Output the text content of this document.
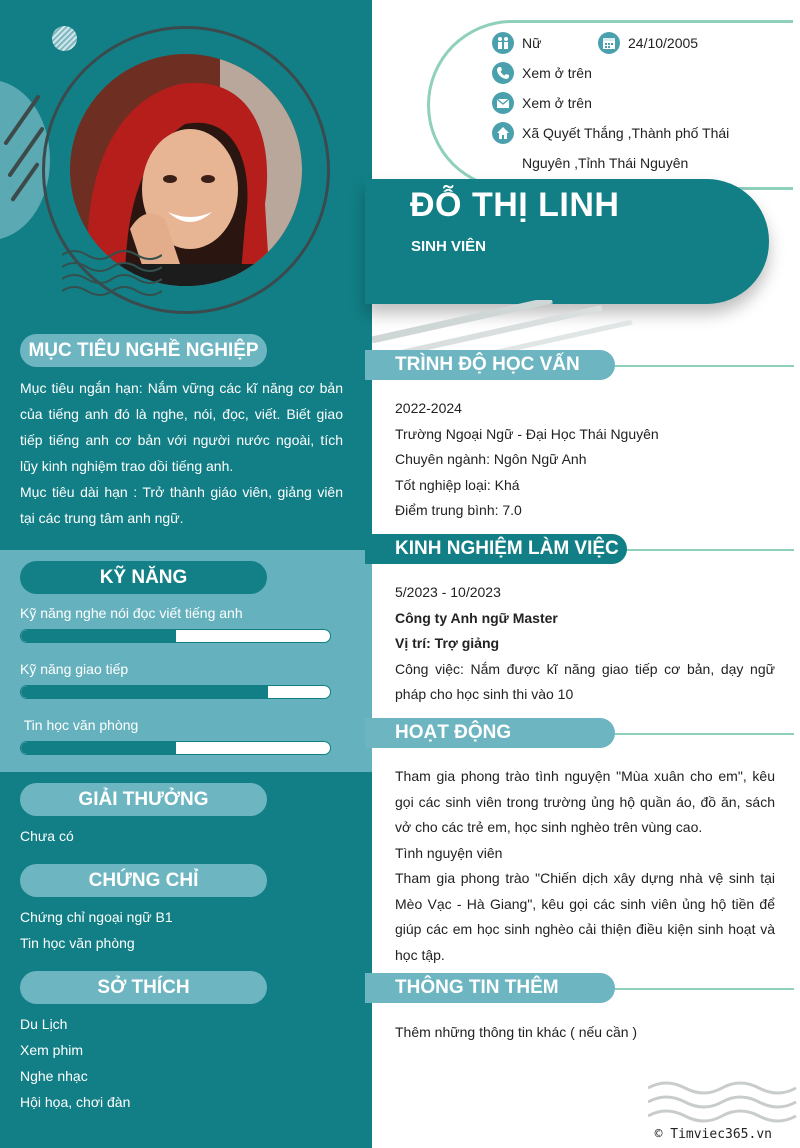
MỤC TIÊU NGHỀ NGHIỆP
Mục tiêu ngắn hạn: Nắm vững các kĩ năng cơ bản của tiếng anh đó là nghe, nói, đọc, viết. Biết giao tiếp tiếng anh cơ bản với người nước ngoài, tích lũy kinh nghiệm trao dồi tiếng anh.
Mục tiêu dài hạn : Trở thành giáo viên, giảng viên tại các trung tâm anh ngữ.
KỸ NĂNG
Kỹ năng nghe nói đọc viết tiếng anh
Kỹ năng giao tiếp
Tin học văn phòng
GIẢI THƯỞNG
Chưa có
CHỨNG CHỈ
Chứng chỉ ngoại ngữ B1
Tin học văn phòng
SỞ THÍCH
Du Lịch
Xem phim
Nghe nhạc
Hội họa, chơi đàn
Nữ	24/10/2005
Xem ở trên
Xem ở trên
Xã Quyết Thắng ,Thành phố Thái
Nguyên ,Tỉnh Thái Nguyên
ĐỖ THỊ LINH
SINH VIÊN
TRÌNH ĐỘ HỌC VẤN
2022-2024
Trường Ngoại Ngữ - Đại Học Thái Nguyên
Chuyên ngành: Ngôn Ngữ Anh
Tốt nghiệp loại: Khá
Điểm trung bình: 7.0
KINH NGHIỆM LÀM VIỆC
5/2023 - 10/2023
Công ty Anh ngữ Master
Vị trí: Trợ giảng
Công việc: Nắm được kĩ năng giao tiếp cơ bản, dạy ngữ pháp cho học sinh thi vào 10
HOẠT ĐỘNG
Tham gia phong trào tình nguyện "Mùa xuân cho em", kêu gọi các sinh viên trong trường ủng hộ quần áo, đồ ăn, sách vở cho các trẻ em, học sinh nghèo trên vùng cao.
Tình nguyện viên
Tham gia phong trào "Chiến dịch xây dựng nhà vệ sinh tại Mèo Vạc - Hà Giang", kêu gọi các sinh viên ủng hộ tiền để giúp các em học sinh nghèo cải thiện điều kiện sinh hoạt và học tập.
THÔNG TIN THÊM
Thêm những thông tin khác ( nếu cần )
© Timviec365.vn
